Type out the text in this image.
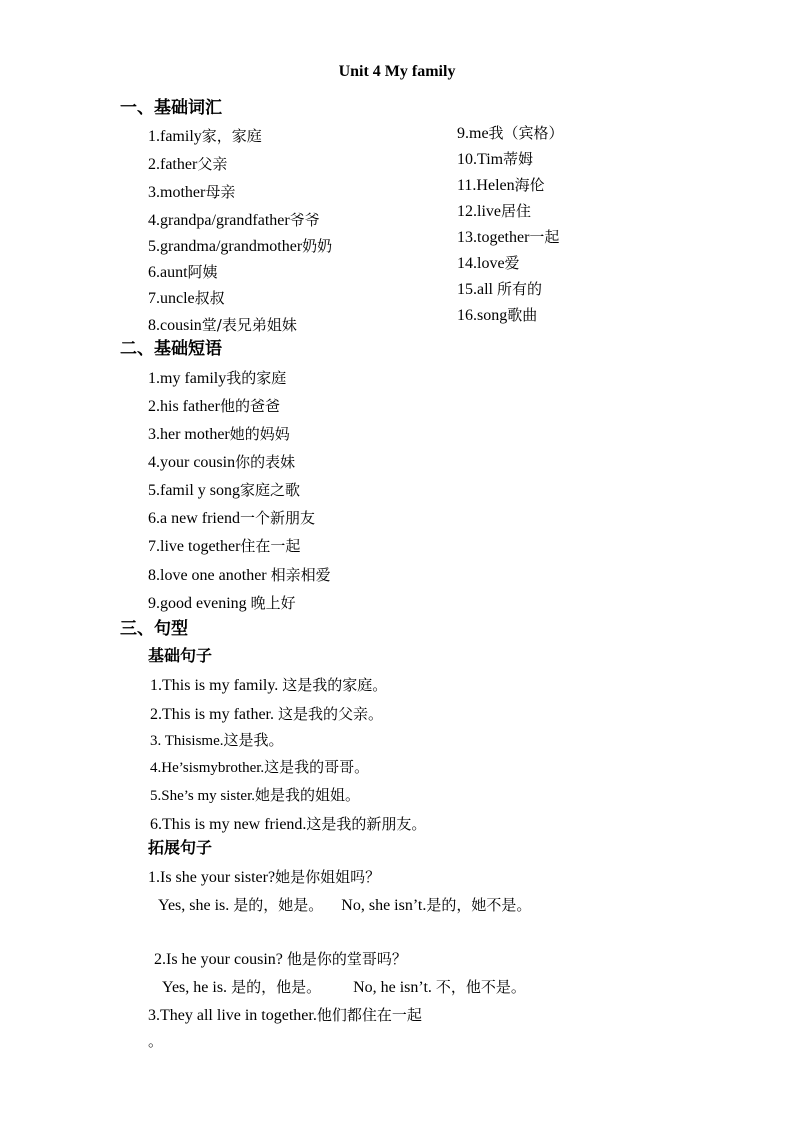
Unit 4 My family
一、基础词汇
1.family家，家庭
2.father父亲
3.mother母亲
4.grandpa/grandfather爷爷
5.grandma/grandmother奶奶
6.aunt阿姨
7.uncle叔叔
8.cousin堂/表兄弟姐妹
9.me我（宾格）
10.Tim蒂姆
11.Helen海伦
12.live居住
13.together一起
14.love爱
15.all 所有的
16.song歌曲
二、基础短语
1.my family我的家庭
2.his father他的爸爸
3.her mother她的妈妈
4.your cousin你的表妹
5.famil y song家庭之歌
6.a new friend一个新朋友
7.live together住在一起
8.love one another 相亲相爱
9.good evening 晚上好
三、句型
基础句子
1.This is my family. 这是我的家庭。
2.This is my father. 这是我的父亲。
3. Thisisme.这是我。
4.He’sismybrother.这是我的哥哥。
5.She’s my sister.她是我的姐姐。
6.This is my new friend.这是我的新朋友。
拓展句子
1.Is she your sister?她是你姐姐吗？
Yes, she is. 是的，她是。 No, she isn’t.是的，她不是。
2.Is he your cousin? 他是你的堂哥吗？
Yes, he is. 是的，他是。 No, he isn’t. 不，他不是。
3.They all live in together.他们都住在一起
。
